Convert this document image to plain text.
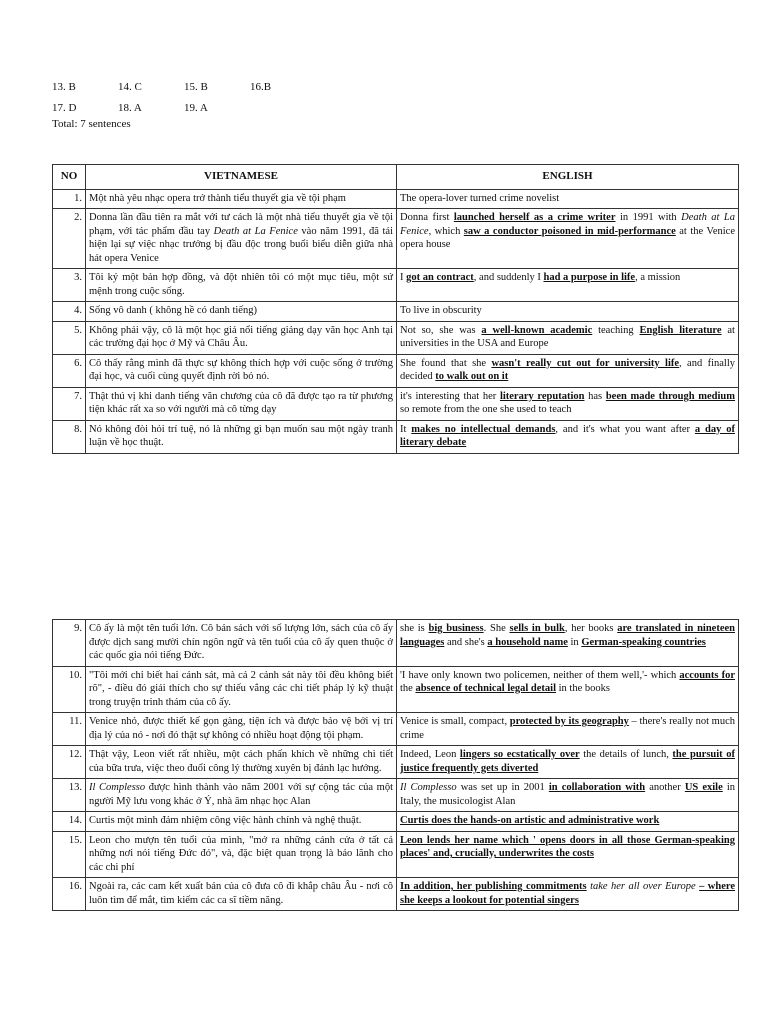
13. B	14. C	15. B	16.B
17. D	18. A	19. A
Total: 7 sentences
NO	VIETNAMESE	ENGLISH
1.	Một nhà yêu nhạc opera trở thành tiểu thuyết gia về tội phạm	The opera-lover turned crime novelist
2.	Donna lần đầu tiên ra mắt với tư cách là một nhà tiểu thuyết gia về tội phạm, với tác phẩm đầu tay Death at La Fenice vào năm 1991, đã tái hiện lại sự việc nhạc trưởng bị đầu độc trong buổi biểu diễn giữa nhà hát opera Venice	Donna first launched herself as a crime writer in 1991 with Death at La Fenice, which saw a conductor poisoned in mid-performance at the Venice opera house
3.	Tôi ký một bản hợp đồng, và đột nhiên tôi có một mục tiêu, một sứ mệnh trong cuộc sống.	I got an contract, and suddenly I had a purpose in life, a mission
4.	Sống vô danh ( không hề có danh tiếng)	To live in obscurity
5.	Không phải vậy, cô là một học giả nổi tiếng giảng dạy văn học Anh tại các trường đại học ở Mỹ và Châu Âu.	Not so, she was a well-known academic teaching English literature at universities in the USA and Europe
6.	Cô thấy rằng mình đã thực sự không thích hợp với cuộc sống ở trường đại học, và cuối cùng quyết định rời bỏ nó.	She found that she wasn't really cut out for university life, and finally decided to walk out on it
7.	Thật thú vị khi danh tiếng văn chương của cô đã được tạo ra từ phương tiện khác rất xa so với người mà cô từng dạy	it's interesting that her literary reputation has been made through medium so remote from the one she used to teach
8.	Nó không đòi hỏi trí tuệ, nó là những gì bạn muốn sau một ngày tranh luận về học thuật.	It makes no intellectual demands, and it's what you want after a day of literary debate
9.	Cô ấy là một tên tuổi lớn. Cô bán sách với số lượng lớn, sách của cô ấy được dịch sang mười chín ngôn ngữ và tên tuổi của cô ấy quen thuộc ở các quốc gia nói tiếng Đức.	she is big business. She sells in bulk, her books are translated in nineteen languages and she's a household name in German-speaking countries
10.	"Tôi mới chỉ biết hai cảnh sát, mà cả 2 cảnh sát này tôi đều không biết rõ", - điều đó giải thích cho sự thiếu vắng các chi tiết pháp lý kỹ thuật trong truyện trinh thám của cô ấy.	'I have only known two policemen, neither of them well,'- which accounts for the absence of technical legal detail in the books
11.	Venice nhỏ, được thiết kế gọn gàng, tiện ích và được bảo vệ bởi vị trí địa lý của nó - nơi đó thật sự không có nhiều hoạt động tội phạm.	Venice is small, compact, protected by its geography – there's really not much crime
12.	Thật vậy, Leon viết rất nhiều, một cách phấn khích về những chi tiết của bữa trưa, việc theo đuổi công lý thường xuyên bị đánh lạc hướng.	Indeed, Leon lingers so ecstatically over the details of lunch, the pursuit of justice frequently gets diverted
13.	Il Complesso được hình thành vào năm 2001 với sự cộng tác của một người Mỹ lưu vong khác ở Ý, nhà âm nhạc học Alan	Il Complesso was set up in 2001 in collaboration with another US exile in Italy, the musicologist Alan
14.	Curtis một mình đảm nhiệm công việc hành chính và nghệ thuật.	Curtis does the hands-on artistic and administrative work
15.	Leon cho mượn tên tuổi của mình, "mở ra những cánh cửa ở tất cả những nơi nói tiếng Đức đó", và, đặc biệt quan trọng là bảo lãnh cho các chi phí	Leon lends her name which ' opens doors in all those German-speaking places' and, crucially, underwrites the costs
16.	Ngoài ra, các cam kết xuất bản của cô đưa cô đi khắp châu Âu - nơi cô luôn tìm để mắt, tìm kiếm các ca sĩ tiềm năng.	In addition, her publishing commitments take her all over Europe – where she keeps a lookout for potential singers
